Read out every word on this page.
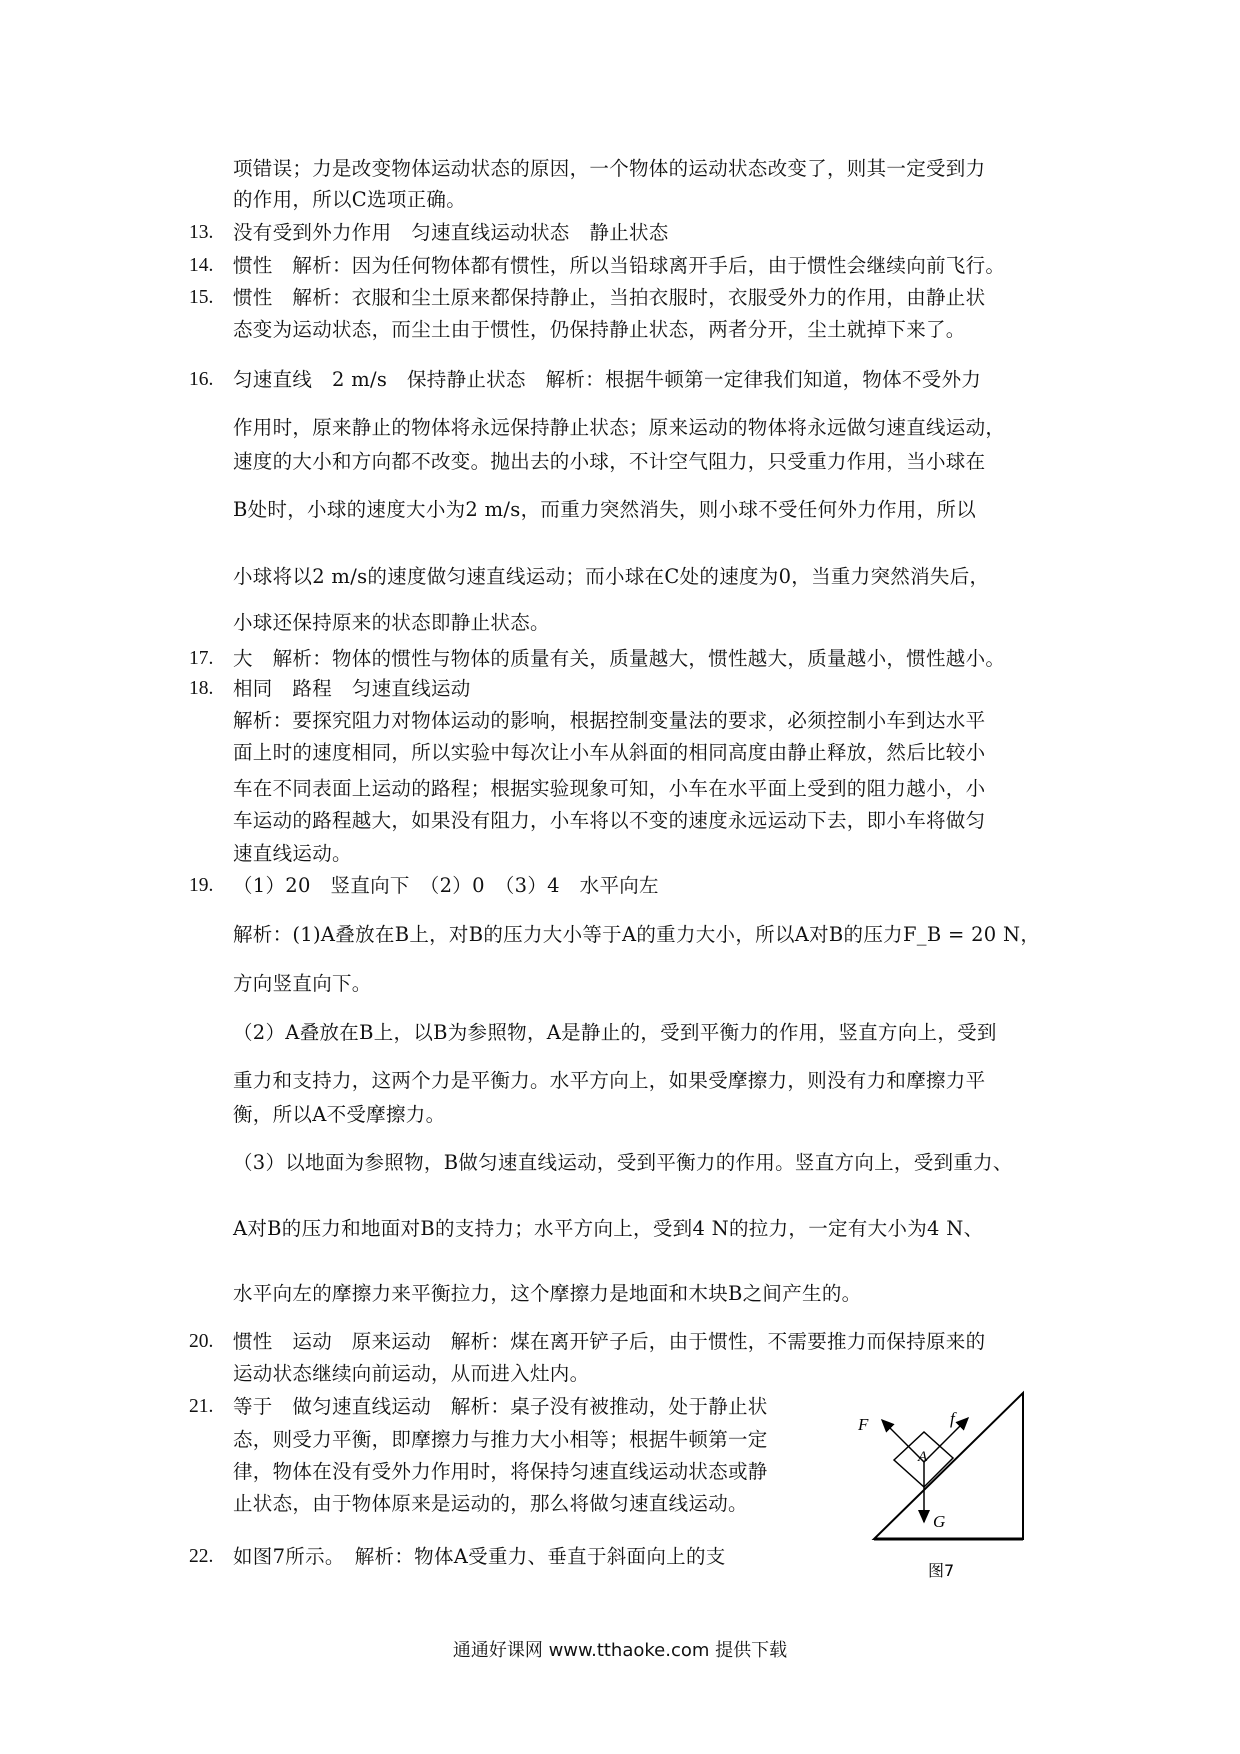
项错误；力是改变物体运动状态的原因，一个物体的运动状态改变了，则其一定受到力
的作用，所以C选项正确。
13. 没有受到外力作用　匀速直线运动状态　静止状态
14. 惯性　解析：因为任何物体都有惯性，所以当铅球离开手后，由于惯性会继续向前飞行。
15. 惯性　解析：衣服和尘土原来都保持静止，当拍衣服时，衣服受外力的作用，由静止状
态变为运动状态，而尘土由于惯性，仍保持静止状态，两者分开，尘土就掉下来了。
16. 匀速直线　2 m/s　保持静止状态　解析：根据牛顿第一定律我们知道，物体不受外力
作用时，原来静止的物体将永远保持静止状态；原来运动的物体将永远做匀速直线运动，
速度的大小和方向都不改变。抛出去的小球，不计空气阻力，只受重力作用，当小球在
B处时，小球的速度大小为2 m/s，而重力突然消失，则小球不受任何外力作用，所以
小球将以2 m/s的速度做匀速直线运动；而小球在C处的速度为0，当重力突然消失后，
小球还保持原来的状态即静止状态。
17. 大　解析：物体的惯性与物体的质量有关，质量越大，惯性越大，质量越小，惯性越小。
18. 相同　路程　匀速直线运动
解析：要探究阻力对物体运动的影响，根据控制变量法的要求，必须控制小车到达水平
面上时的速度相同，所以实验中每次让小车从斜面的相同高度由静止释放，然后比较小
车在不同表面上运动的路程；根据实验现象可知，小车在水平面上受到的阻力越小，小
车运动的路程越大，如果没有阻力，小车将以不变的速度永远运动下去，即小车将做匀
速直线运动。
19. （1）20　竖直向下　（2）0　（3）4　水平向左
解析：(1)A叠放在B上，对B的压力大小等于A的重力大小，所以A对B的压力F_B = 20 N，
方向竖直向下。
（2）A叠放在B上，以B为参照物，A是静止的，受到平衡力的作用，竖直方向上，受到
重力和支持力，这两个力是平衡力。水平方向上，如果受摩擦力，则没有力和摩擦力平
衡，所以A不受摩擦力。
（3）以地面为参照物，B做匀速直线运动，受到平衡力的作用。竖直方向上，受到重力、
A对B的压力和地面对B的支持力；水平方向上，受到4 N的拉力，一定有大小为4 N、
水平向左的摩擦力来平衡拉力，这个摩擦力是地面和木块B之间产生的。
20. 惯性　运动　原来运动　解析：煤在离开铲子后，由于惯性，不需要推力而保持原来的
运动状态继续向前运动，从而进入灶内。
21. 等于　做匀速直线运动　解析：桌子没有被推动，处于静止状
态，则受力平衡，即摩擦力与推力大小相等；根据牛顿第一定
律，物体在没有受外力作用时，将保持匀速直线运动状态或静
止状态，由于物体原来是运动的，那么将做匀速直线运动。
22. 如图7所示。　解析：物体A受重力、垂直于斜面向上的支
A
F	f
G
图7
通通好课网 www.tthaoke.com 提供下载
